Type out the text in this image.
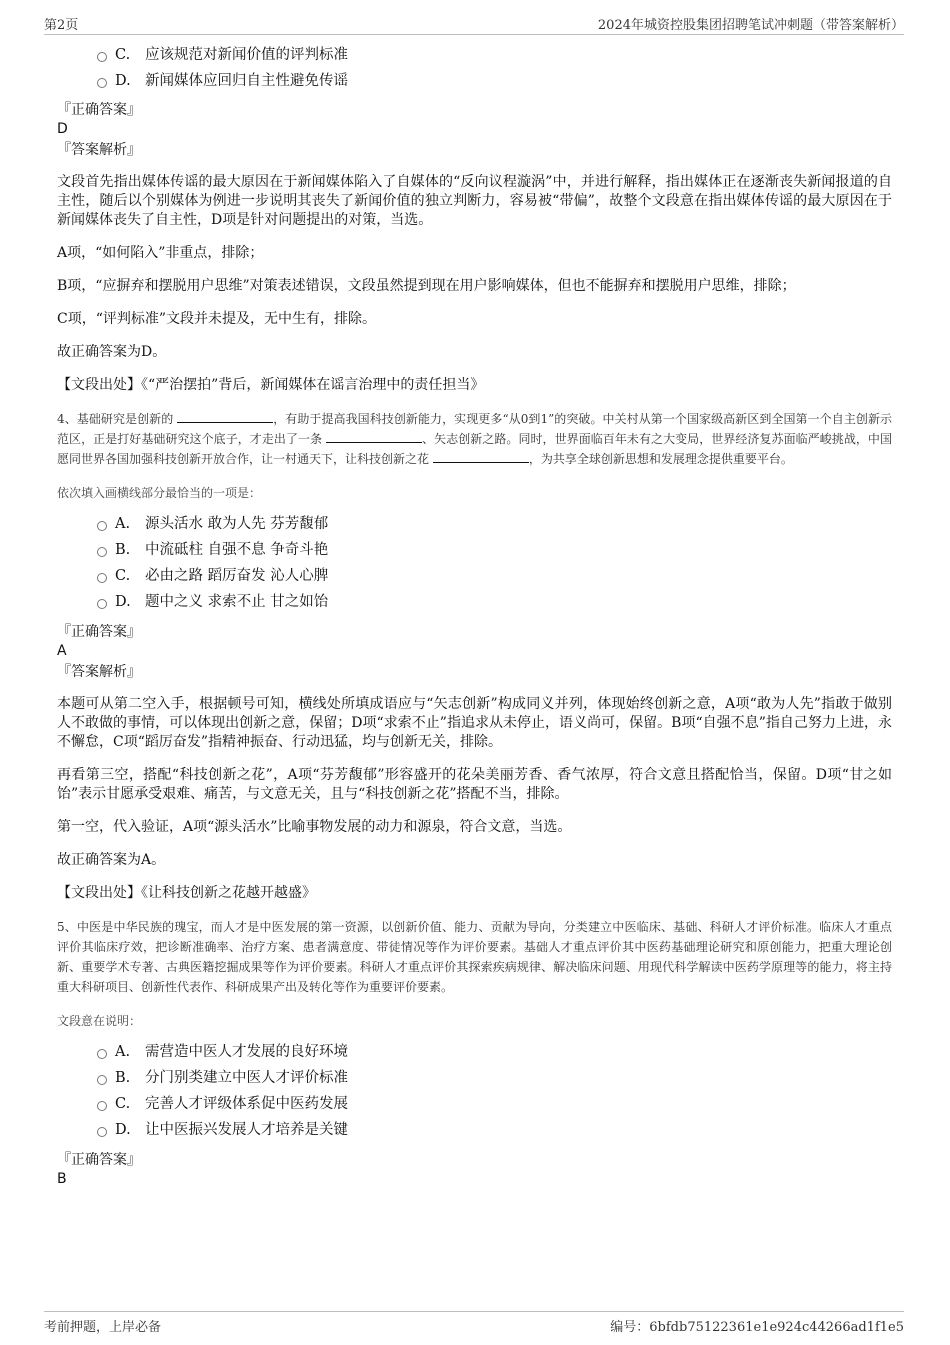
第2页	2024年城资控股集团招聘笔试冲刺题（带答案解析）
C. 应该规范对新闻价值的评判标准
D. 新闻媒体应回归自主性避免传谣
『正确答案』
D
『答案解析』

文段首先指出媒体传谣的最大原因在于新闻媒体陷入了自媒体的“反向议程漩涡”中，并进行解释，指出媒体正在逐渐丧失新闻报道的自主性，随后以个别媒体为例进一步说明其丧失了新闻价值的独立判断力，容易被“带偏”，故整个文段意在指出媒体传谣的最大原因在于新闻媒体丧失了自主性，D项是针对问题提出的对策，当选。

A项，“如何陷入”非重点，排除；

B项，“应摒弃和摆脱用户思维”对策表述错误，文段虽然提到现在用户影响媒体，但也不能摒弃和摆脱用户思维，排除；

C项，“评判标准”文段并未提及，无中生有，排除。

故正确答案为D。

【文段出处】《“严治摆拍”背后，新闻媒体在谣言治理中的责任担当》

4、基础研究是创新的	，有助于提高我国科技创新能力，实现更多“从0到1”的突破。中关村从第一个国家级高新区到全国第一个自主创新示范区，正是打好基础研究这个底子，才走出了一条	、矢志创新之路。同时，世界面临百年未有之大变局，世界经济复苏面临严峻挑战，中国愿同世界各国加强科技创新开放合作，让一村通天下，让科技创新之花	，为共享全球创新思想和发展理念提供重要平台。

依次填入画横线部分最恰当的一项是：
A. 源头活水 敢为人先 芬芳馥郁
B. 中流砥柱 自强不息 争奇斗艳
C. 必由之路 蹈厉奋发 沁人心脾
D. 题中之义 求索不止 甘之如饴
『正确答案』
A
『答案解析』

本题可从第二空入手，根据顿号可知，横线处所填成语应与“矢志创新”构成同义并列，体现始终创新之意，A项“敢为人先”指敢于做别人不敢做的事情，可以体现出创新之意，保留；D项“求索不止”指追求从未停止，语义尚可，保留。B项“自强不息”指自己努力上进，永不懈怠，C项“蹈厉奋发”指精神振奋、行动迅猛，均与创新无关，排除。

再看第三空，搭配“科技创新之花”，A项“芬芳馥郁”形容盛开的花朵美丽芳香、香气浓厚，符合文意且搭配恰当，保留。D项“甘之如饴”表示甘愿承受艰难、痛苦，与文意无关，且与“科技创新之花”搭配不当，排除。

第一空，代入验证，A项“源头活水”比喻事物发展的动力和源泉，符合文意，当选。

故正确答案为A。

【文段出处】《让科技创新之花越开越盛》

5、中医是中华民族的瑰宝，而人才是中医发展的第一资源，以创新价值、能力、贡献为导向，分类建立中医临床、基础、科研人才评价标准。临床人才重点评价其临床疗效，把诊断准确率、治疗方案、患者满意度、带徒情况等作为评价要素。基础人才重点评价其中医药基础理论研究和原创能力，把重大理论创新、重要学术专著、古典医籍挖掘成果等作为评价要素。科研人才重点评价其探索疾病规律、解决临床问题、用现代科学解读中医药学原理等的能力，将主持重大科研项目、创新性代表作、科研成果产出及转化等作为重要评价要素。

文段意在说明：
A. 需营造中医人才发展的良好环境
B. 分门别类建立中医人才评价标准
C. 完善人才评级体系促中医药发展
D. 让中医振兴发展人才培养是关键
『正确答案』
B
考前押题，上岸必备	编号：6bfdb75122361e1e924c44266ad1f1e5
